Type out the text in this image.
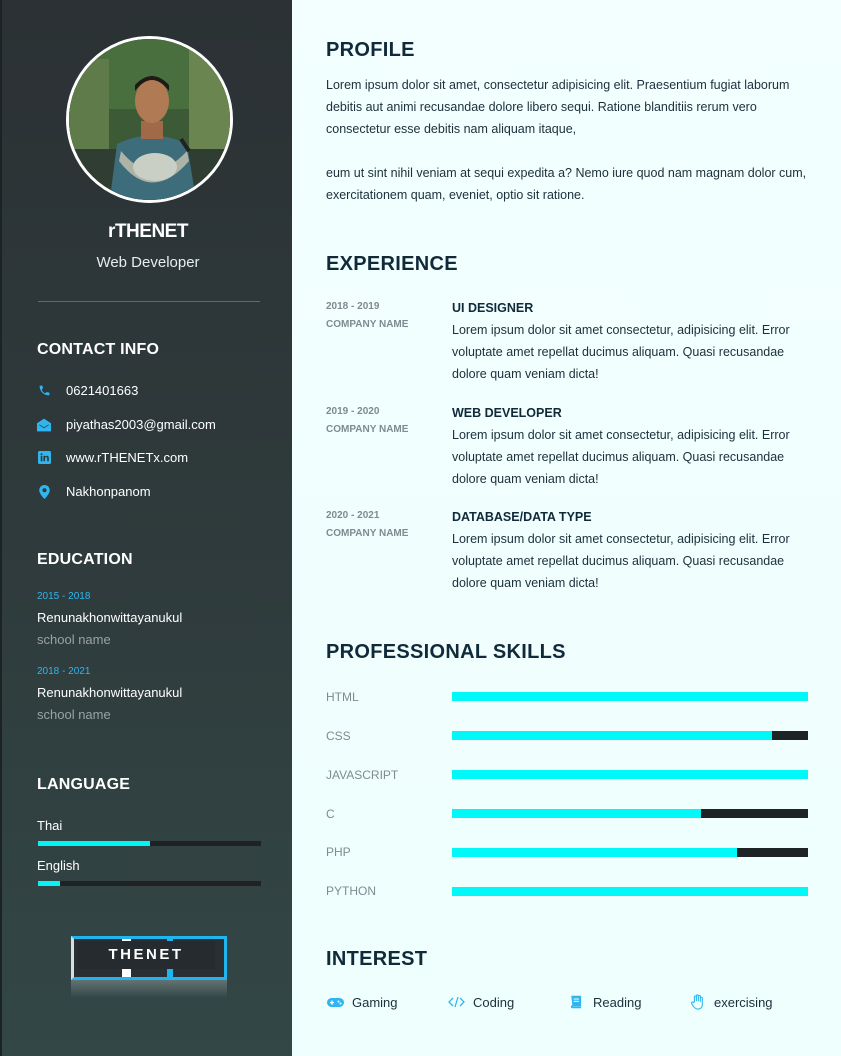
rTHENET
Web Developer
CONTACT INFO
0621401663
piyathas2003@gmail.com
www.rTHENETx.com
Nakhonpanom
EDUCATION
2015 - 2018
Renunakhonwittayanukul
school name
2018 - 2021
Renunakhonwittayanukul
school name
LANGUAGE
Thai
English
THENET
PROFILE

Lorem ipsum dolor sit amet, consectetur adipisicing elit. Praesentium fugiat laborum debitis aut animi recusandae dolore libero sequi. Ratione blanditiis rerum vero consectetur esse debitis nam aliquam itaque,

eum ut sint nihil veniam at sequi expedita a? Nemo iure quod nam magnam dolor cum, exercitationem quam, eveniet, optio sit ratione.

EXPERIENCE
2018 - 2019
COMPANY NAME
UI DESIGNER
Lorem ipsum dolor sit amet consectetur, adipisicing elit. Error voluptate amet repellat ducimus aliquam. Quasi recusandae dolore quam veniam dicta!
2019 - 2020
COMPANY NAME
WEB DEVELOPER
Lorem ipsum dolor sit amet consectetur, adipisicing elit. Error voluptate amet repellat ducimus aliquam. Quasi recusandae dolore quam veniam dicta!
2020 - 2021
COMPANY NAME
DATABASE/DATA TYPE
Lorem ipsum dolor sit amet consectetur, adipisicing elit. Error voluptate amet repellat ducimus aliquam. Quasi recusandae dolore quam veniam dicta!
PROFESSIONAL SKILLS
HTML
CSS
JAVASCRIPT
C
PHP
PYTHON
INTEREST
Gaming	Coding	Reading	exercising
